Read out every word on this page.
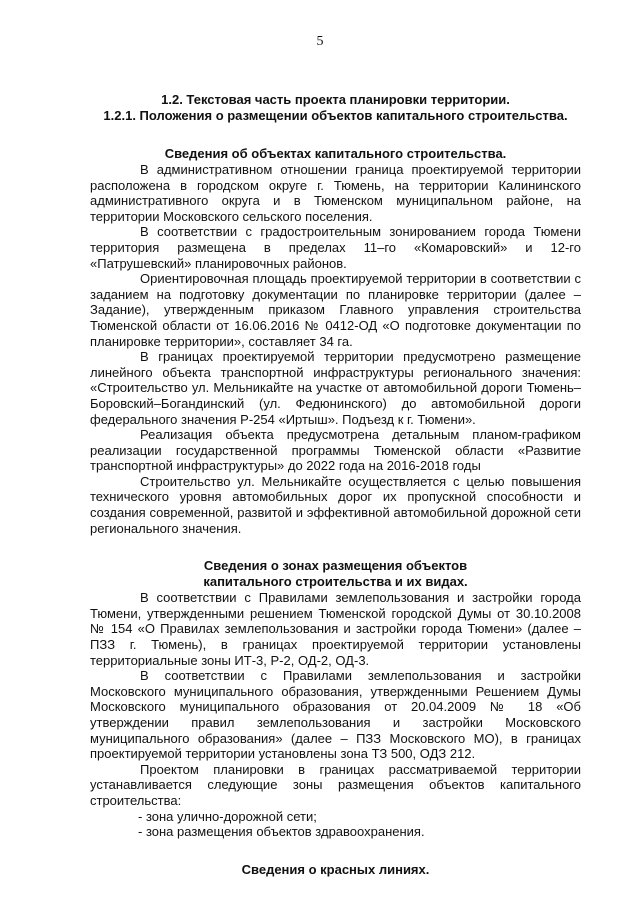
5

1.2. Текстовая часть проекта планировки территории.

1.2.1. Положения о размещении объектов капитального строительства.

Сведения об объектах капитального строительства.

В административном отношении граница проектируемой территории расположена в городском округе г. Тюмень, на территории Калининского административного округа и в Тюменском муниципальном районе, на территории Московского сельского поселения.

В соответствии с градостроительным зонированием города Тюмени территория размещена в пределах 11–го «Комаровский» и 12-го «Патрушевский» планировочных районов.

Ориентировочная площадь проектируемой территории в соответствии с заданием на подготовку документации по планировке территории (далее – Задание), утвержденным приказом Главного управления строительства Тюменской области от 16.06.2016 № 0412-ОД «О подготовке документации по планировке территории», составляет 34 га.

В границах проектируемой территории предусмотрено размещение линейного объекта транспортной инфраструктуры регионального значения: «Строительство ул. Мельникайте на участке от автомобильной дороги Тюмень–Боровский–Богандинский (ул. Федюнинского) до автомобильной дороги федерального значения Р-254 «Иртыш». Подъезд к г. Тюмени».

Реализация объекта предусмотрена детальным планом-графиком реализации государственной программы Тюменской области «Развитие транспортной инфраструктуры» до 2022 года на 2016-2018 годы

Строительство ул. Мельникайте осуществляется с целью повышения технического уровня автомобильных дорог их пропускной способности и создания современной, развитой и эффективной автомобильной дорожной сети регионального значения.

Сведения о зонах размещения объектов

капитального строительства и их видах.

В соответствии с Правилами землепользования и застройки города Тюмени, утвержденными решением Тюменской городской Думы от 30.10.2008 № 154 «О Правилах землепользования и застройки города Тюмени» (далее – ПЗЗ г. Тюмень), в границах проектируемой территории установлены территориальные зоны ИТ-3, Р-2, ОД-2, ОД-3.

В соответствии с Правилами землепользования и застройки Московского муниципального образования, утвержденными Решением Думы Московского муниципального образования от 20.04.2009 № 18 «Об утверждении правил землепользования и застройки Московского муниципального образования» (далее – ПЗЗ Московского МО), в границах проектируемой территории установлены зона ТЗ 500, ОДЗ 212.

Проектом планировки в границах рассматриваемой территории устанавливается следующие зоны размещения объектов капитального строительства:

- зона улично-дорожной сети;

- зона размещения объектов здравоохранения.

Сведения о красных линиях.
